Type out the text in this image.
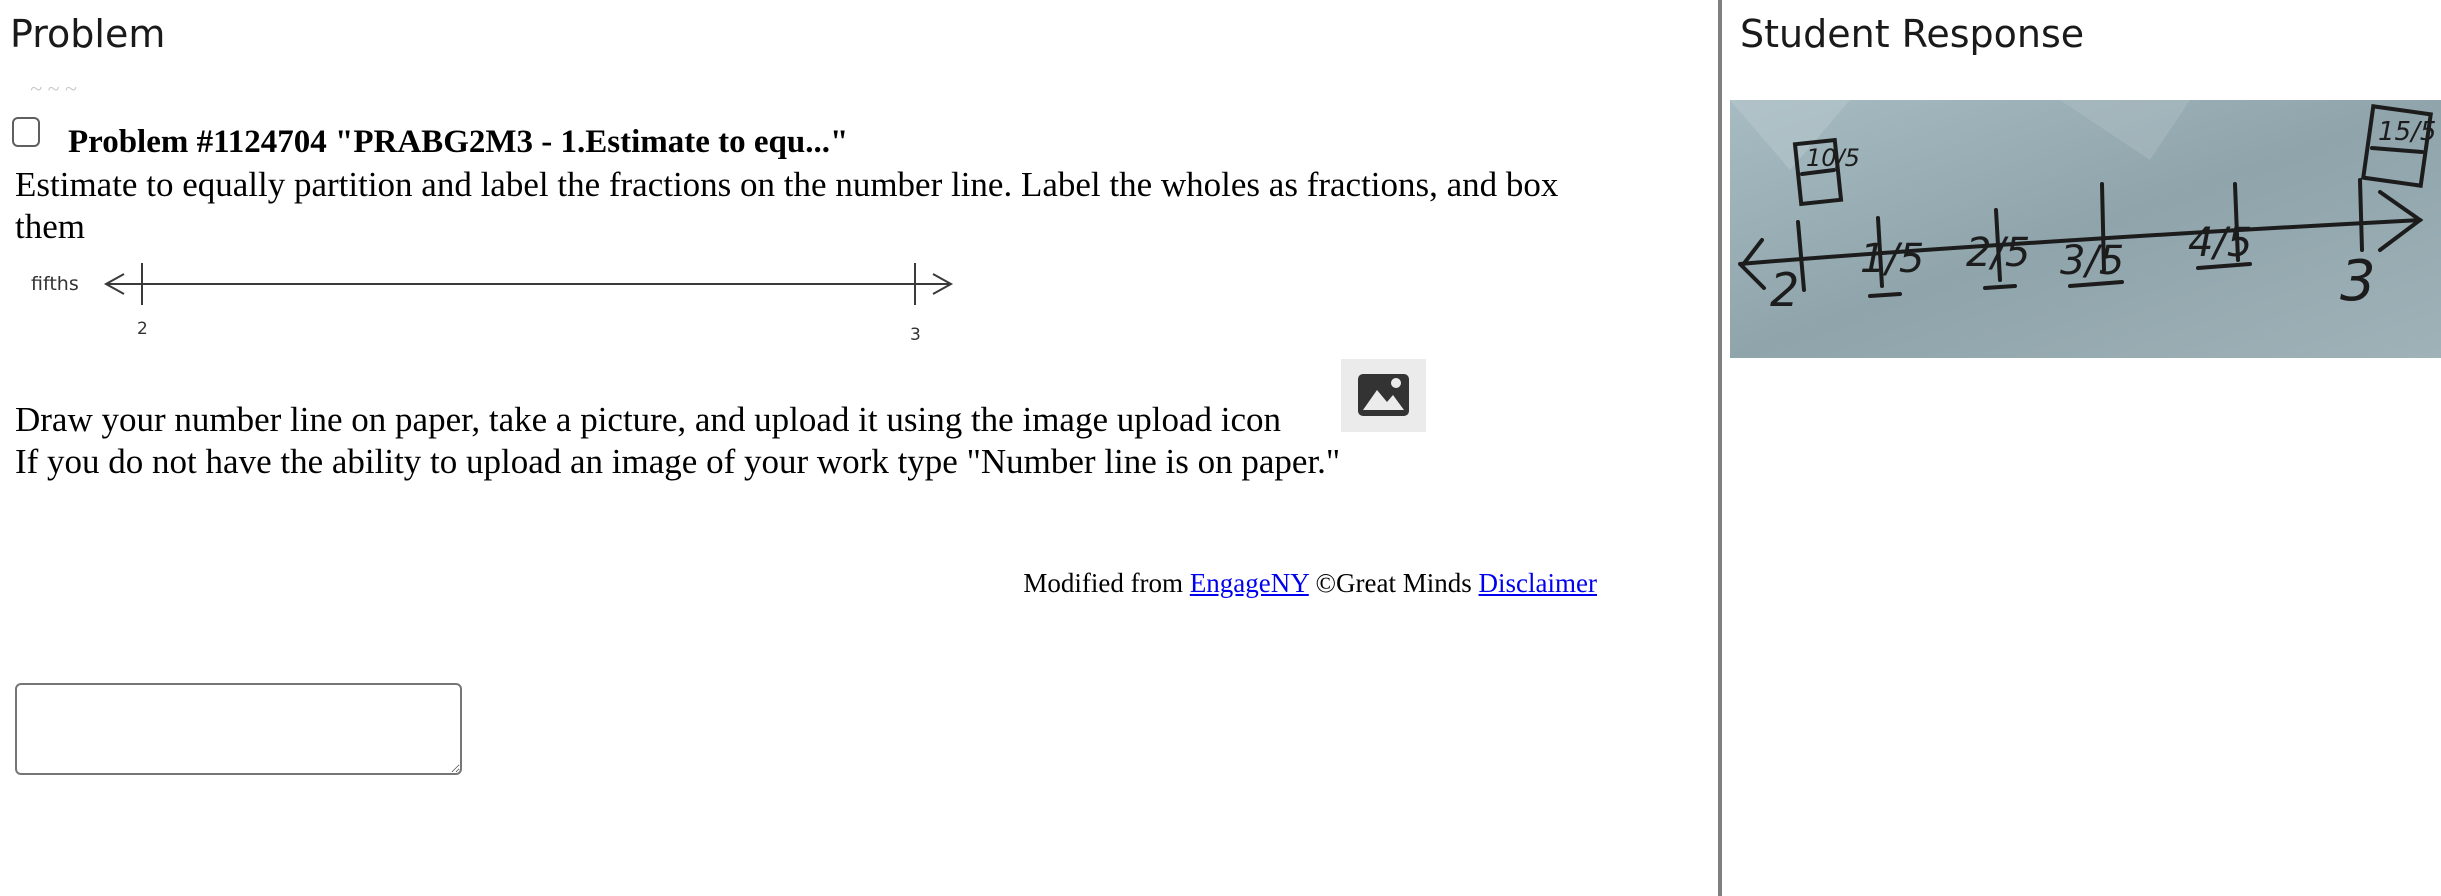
Problem	Student Response
~ ~ ~
Problem #1124704 "PRABG2M3 - 1.Estimate to equ..."

Estimate to equally partition and label the fractions on the number line. Label the wholes as fractions, and box them

fifths
2	3

Draw your number line on paper, take a picture, and upload it using the image upload icon

If you do not have the ability to upload an image of your work type "Number line is on paper."

Modified from EngageNY ©Great Minds Disclaimer

10/5
15/5
2
1/5 2/5 3/5 4/5
3
